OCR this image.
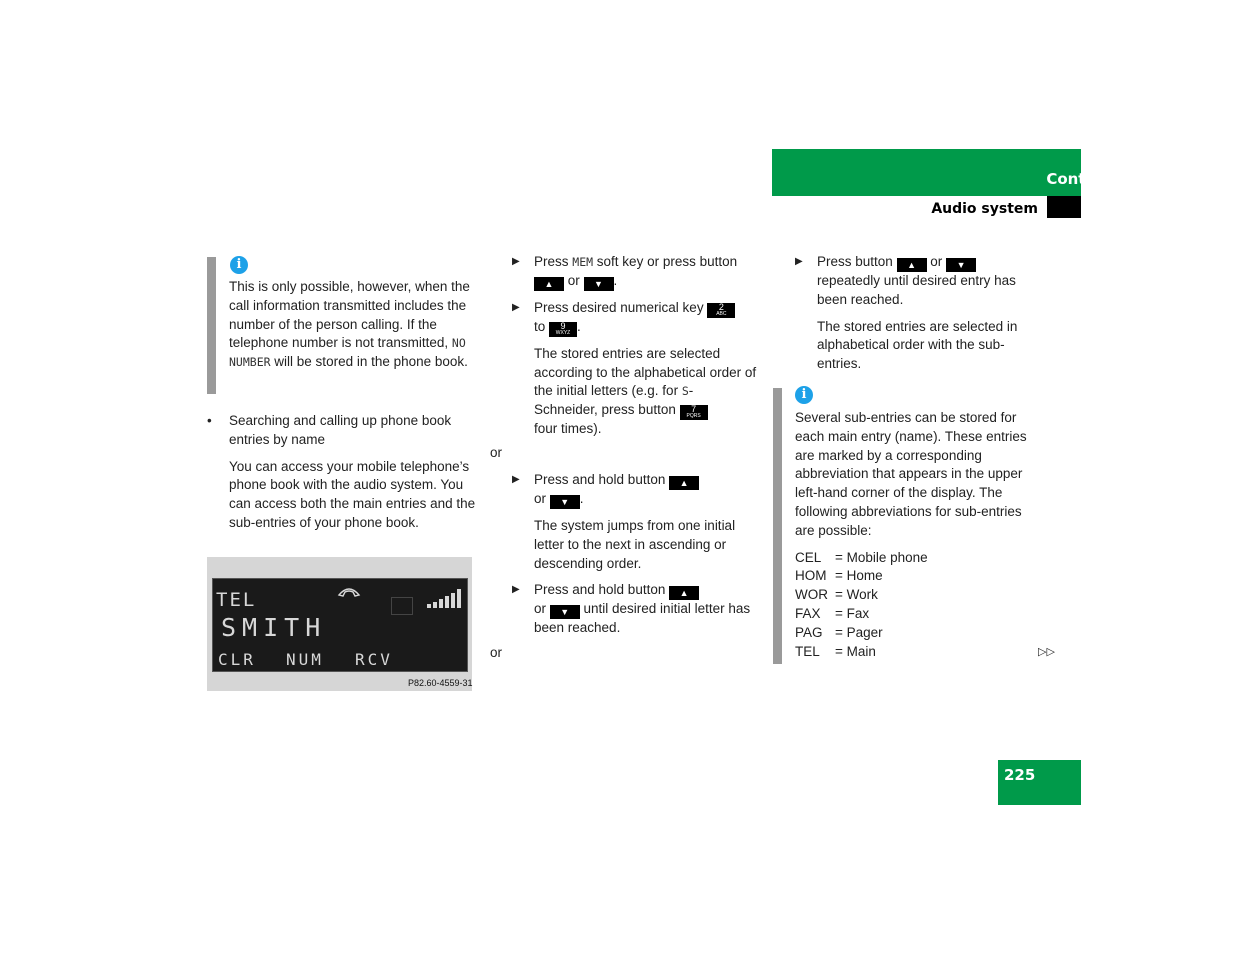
Controls in detail
Audio system
i

This is only possible, however, when the call information transmitted includes the number of the person calling. If the telephone number is not transmitted, NO NUMBER will be stored in the phone book.

• Searching and calling up phone book entries by name

You can access your mobile telephone’s phone book with the audio system. You can access both the main entries and the sub-entries of your phone book.

TEL
SMITH
CLR NUM RCV
P82.60-4559-31
▶ Press MEM soft key or press button ▲ or ▼ .

▶ Press desired numerical key	2
ABC

to	9
WXYZ .

The stored entries are selected according to the alphabetical order of the initial letters (e.g. for S-Schneider, press button	7
PQRS

four times).

or
▶ Press and hold button ▲
or ▼ .

The system jumps from one initial letter to the next in ascending or descending order.

▶ Press and hold button ▲
or ▼ until desired initial letter has been reached.

or
▶ Press button ▲ or ▼ repeatedly until desired entry has been reached.

The stored entries are selected in alphabetical order with the sub-entries.

i

Several sub-entries can be stored for each main entry (name). These entries are marked by a corresponding abbreviation that appears in the upper left-hand corner of the display. The following abbreviations for sub-entries are possible:

CEL	= Mobile phone
HOM	= Home
WOR	= Work
FAX	= Fax
PAG	= Pager
TEL	= Main	▷▷
225
